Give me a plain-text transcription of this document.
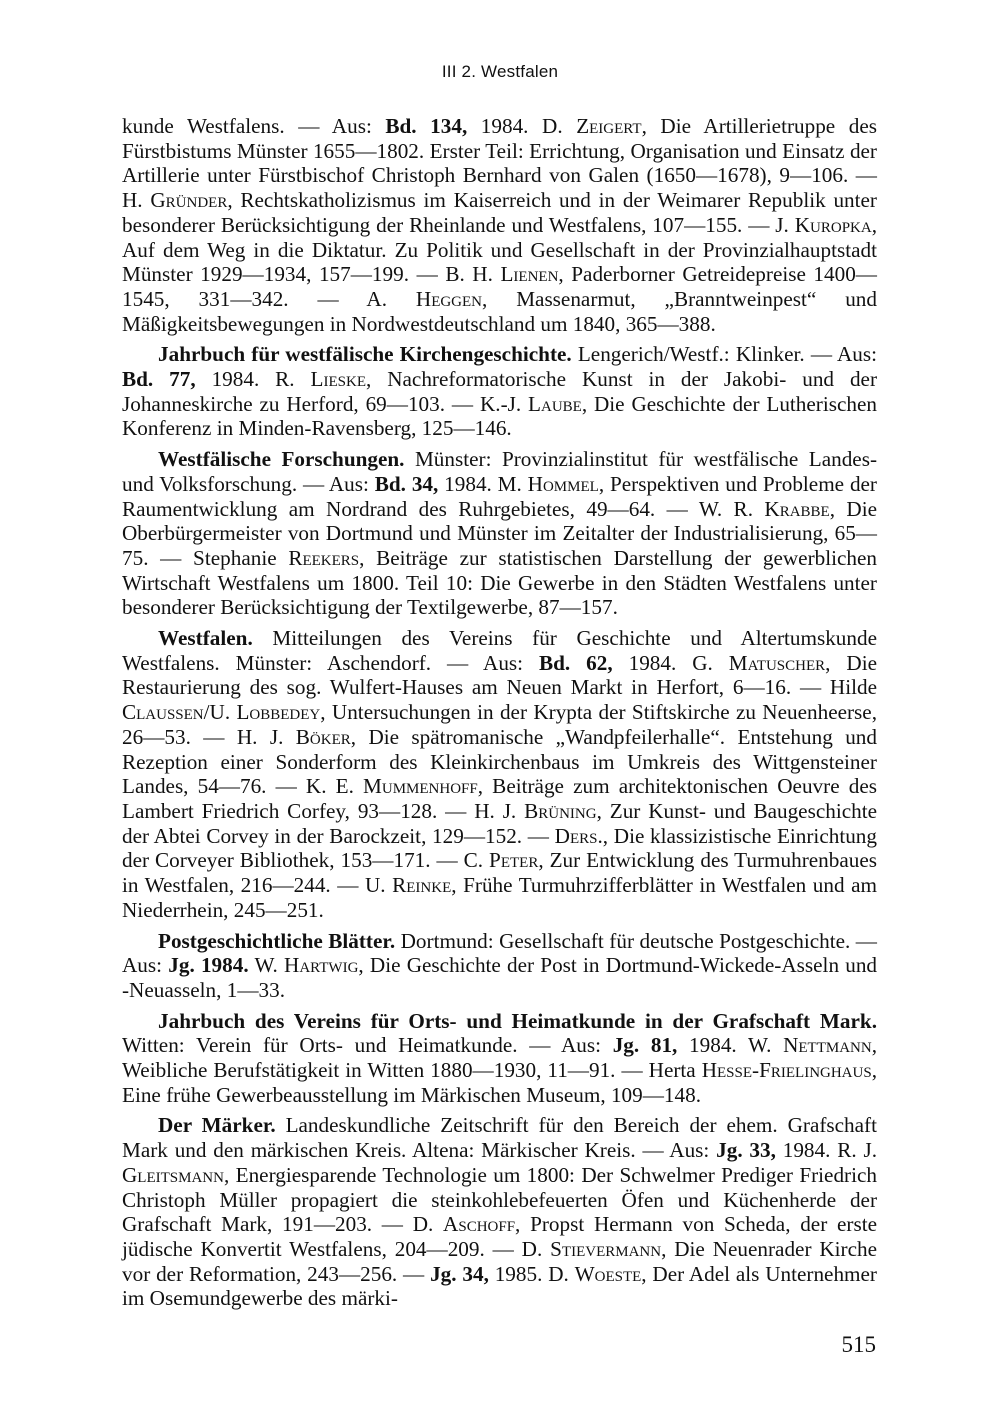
III 2. Westfalen

kunde Westfalens. — Aus: Bd. 134, 1984. D. Zeigert, Die Artillerietruppe des Fürstbistums Münster 1655—1802. Erster Teil: Errichtung, Organisation und Einsatz der Artillerie unter Fürstbischof Christoph Bernhard von Galen (1650—1678), 9—106. — H. Gründer, Rechtskatholizismus im Kaiserreich und in der Weimarer Republik unter besonderer Berücksichtigung der Rheinlande und Westfalens, 107—155. — J. Kuropka, Auf dem Weg in die Diktatur. Zu Politik und Gesellschaft in der Provinzialhauptstadt Münster 1929—1934, 157—199. — B. H. Lienen, Paderborner Getreidepreise 1400—1545, 331—342. — A. Heggen, Massenarmut, „Branntweinpest“ und Mäßigkeitsbewegungen in Nordwestdeutschland um 1840, 365—388.

Jahrbuch für westfälische Kirchengeschichte. Lengerich/Westf.: Klinker. — Aus: Bd. 77, 1984. R. Lieske, Nachreformatorische Kunst in der Jakobi- und der Johanneskirche zu Herford, 69—103. — K.-J. Laube, Die Geschichte der Lutherischen Konferenz in Minden-Ravensberg, 125—146.

Westfälische Forschungen. Münster: Provinzialinstitut für westfälische Landes- und Volksforschung. — Aus: Bd. 34, 1984. M. Hommel, Perspektiven und Probleme der Raumentwicklung am Nordrand des Ruhrgebietes, 49—64. — W. R. Krabbe, Die Oberbürgermeister von Dortmund und Münster im Zeitalter der Industrialisierung, 65—75. — Stephanie Reekers, Beiträge zur statistischen Darstellung der gewerblichen Wirtschaft Westfalens um 1800. Teil 10: Die Gewerbe in den Städten Westfalens unter besonderer Berücksichtigung der Textilgewerbe, 87—157.

Westfalen. Mitteilungen des Vereins für Geschichte und Altertumskunde Westfalens. Münster: Aschendorf. — Aus: Bd. 62, 1984. G. Matuscher, Die Restaurierung des sog. Wulfert-Hauses am Neuen Markt in Herfort, 6—16. — Hilde Claussen/U. Lobbedey, Untersuchungen in der Krypta der Stiftskirche zu Neuenheerse, 26—53. — H. J. Böker, Die spätromanische „Wandpfeilerhalle“. Entstehung und Rezeption einer Sonderform des Kleinkirchenbaus im Umkreis des Wittgensteiner Landes, 54—76. — K. E. Mummenhoff, Beiträge zum architektonischen Oeuvre des Lambert Friedrich Corfey, 93—128. — H. J. Brüning, Zur Kunst- und Baugeschichte der Abtei Corvey in der Barockzeit, 129—152. — Ders., Die klassizistische Einrichtung der Corveyer Bibliothek, 153—171. — C. Peter, Zur Entwicklung des Turmuhrenbaues in Westfalen, 216—244. — U. Reinke, Frühe Turmuhrzifferblätter in Westfalen und am Niederrhein, 245—251.

Postgeschichtliche Blätter. Dortmund: Gesellschaft für deutsche Postgeschichte. — Aus: Jg. 1984. W. Hartwig, Die Geschichte der Post in Dortmund-Wickede-Asseln und -Neuasseln, 1—33.

Jahrbuch des Vereins für Orts- und Heimatkunde in der Grafschaft Mark. Witten: Verein für Orts- und Heimatkunde. — Aus: Jg. 81, 1984. W. Nettmann, Weibliche Berufstätigkeit in Witten 1880—1930, 11—91. — Herta Hesse-Frielinghaus, Eine frühe Gewerbeausstellung im Märkischen Museum, 109—148.

Der Märker. Landeskundliche Zeitschrift für den Bereich der ehem. Grafschaft Mark und den märkischen Kreis. Altena: Märkischer Kreis. — Aus: Jg. 33, 1984. R. J. Gleitsmann, Energiesparende Technologie um 1800: Der Schwelmer Prediger Friedrich Christoph Müller propagiert die steinkohlebefeuerten Öfen und Küchenherde der Grafschaft Mark, 191—203. — D. Aschoff, Propst Hermann von Scheda, der erste jüdische Konvertit Westfalens, 204—209. — D. Stievermann, Die Neuenrader Kirche vor der Reformation, 243—256. — Jg. 34, 1985. D. Woeste, Der Adel als Unternehmer im Osemundgewerbe des märki-

515
